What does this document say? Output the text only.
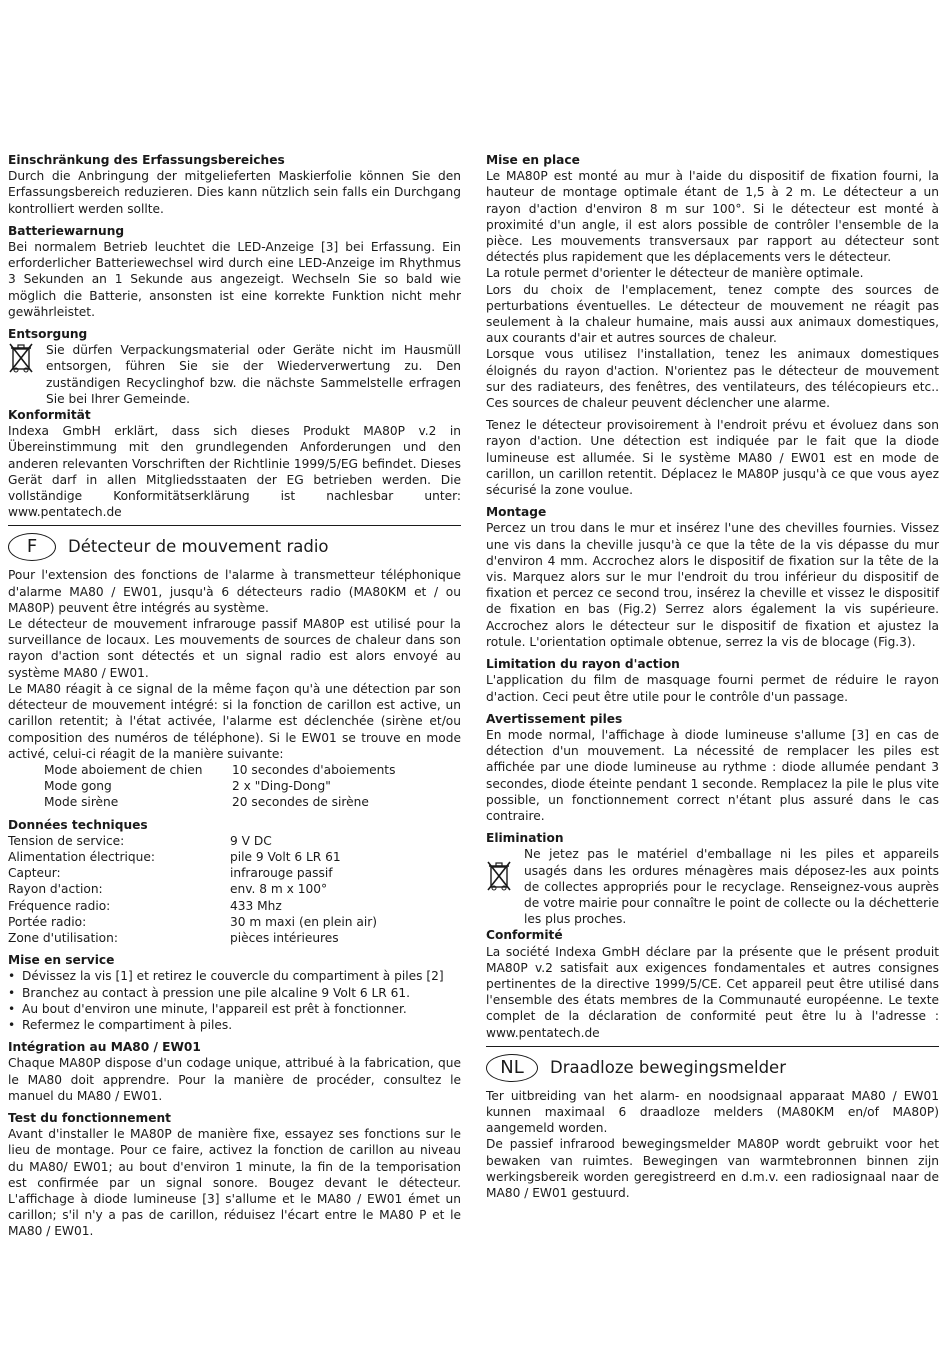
Einschränkung des Erfassungsbereiches

Durch die Anbringung der mitgelieferten Maskierfolie können Sie den Erfassungsbereich reduzieren. Dies kann nützlich sein falls ein Durchgang kontrolliert werden sollte.

Batteriewarnung

Bei normalem Betrieb leuchtet die LED-Anzeige [3] bei Erfassung. Ein erforderlicher Batteriewechsel wird durch eine LED-Anzeige im Rhythmus 3 Sekunden an 1 Sekunde aus angezeigt. Wechseln Sie so bald wie möglich die Batterie, ansonsten ist eine korrekte Funktion nicht mehr gewährleistet.

Entsorgung

Sie dürfen Verpackungsmaterial oder Geräte nicht im Hausmüll entsorgen, führen Sie sie der Wiederverwertung zu. Den zuständigen Recyclinghof bzw. die nächste Sammelstelle erfragen Sie bei Ihrer Gemeinde.

Konformität

Indexa GmbH erklärt, dass sich dieses Produkt MA80P v.2 in Übereinstimmung mit den grundlegenden Anforderungen und den anderen relevanten Vorschriften der Richtlinie 1999/5/EG befindet. Dieses Gerät darf in allen Mitgliedsstaaten der EG betrieben werden. Die vollständige Konformitätserklärung ist nachlesbar unter: www.pentatech.de

F	Détecteur de mouvement radio

Pour l'extension des fonctions de l'alarme à transmetteur téléphonique d'alarme MA80 / EW01, jusqu'à 6 détecteurs radio (MA80KM et / ou MA80P) peuvent être intégrés au système.

Le détecteur de mouvement infrarouge passif MA80P est utilisé pour la surveillance de locaux. Les mouvements de sources de chaleur dans son rayon d'action sont détectés et un signal radio est alors envoyé au système MA80 / EW01.

Le MA80 réagit à ce signal de la même façon qu'à une détection par son détecteur de mouvement intégré: si la fonction de carillon est active, un carillon retentit; à l'état activée, l'alarme est déclenchée (sirène et/ou composition des numéros de téléphone). Si le EW01 se trouve en mode activé, celui-ci réagit de la manière suivante:

Mode aboiement de chien	10 secondes d'aboiements
Mode gong	2 x "Ding-Dong"
Mode sirène	20 secondes de sirène
Données techniques
Tension de service:	9 V DC
Alimentation électrique:	pile 9 Volt 6 LR 61
Capteur:	infrarouge passif
Rayon d'action:	env. 8 m x 100°
Fréquence radio:	433 Mhz
Portée radio:	30 m maxi (en plein air)
Zone d'utilisation:	pièces intérieures
Mise en service
• Dévissez la vis [1] et retirez le couvercle du compartiment à piles [2]
• Branchez au contact à pression une pile alcaline 9 Volt 6 LR 61.
• Au bout d'environ une minute, l'appareil est prêt à fonctionner.
• Refermez le compartiment à piles.
Intégration au MA80 / EW01

Chaque MA80P dispose d'un codage unique, attribué à la fabrication, que le MA80 doit apprendre. Pour la manière de procéder, consultez le manuel du MA80 / EW01.

Test du fonctionnement

Avant d'installer le MA80P de manière fixe, essayez ses fonctions sur le lieu de montage. Pour ce faire, activez la fonction de carillon au niveau du MA80/ EW01; au bout d'environ 1 minute, la fin de la temporisation est confirmée par un signal sonore. Bougez devant le détecteur. L'affichage à diode lumineuse [3] s'allume et le MA80 / EW01 émet un carillon; s'il n'y a pas de carillon, réduisez l'écart entre le MA80 P et le MA80 / EW01.

Mise en place

Le MA80P est monté au mur à l'aide du dispositif de fixation fourni, la hauteur de montage optimale étant de 1,5 à 2 m. Le détecteur a un rayon d'action d'environ 8 m sur 100°. Si le détecteur est monté à proximité d'un angle, il est alors possible de contrôler l'ensemble de la pièce. Les mouvements transversaux par rapport au détecteur sont détectés plus rapidement que les déplacements vers le détecteur.

La rotule permet d'orienter le détecteur de manière optimale.

Lors du choix de l'emplacement, tenez compte des sources de perturbations éventuelles. Le détecteur de mouvement ne réagit pas seulement à la chaleur humaine, mais aussi aux animaux domestiques, aux courants d'air et autres sources de chaleur.

Lorsque vous utilisez l'installation, tenez les animaux domestiques éloignés du rayon d'action. N'orientez pas le détecteur de mouvement sur des radiateurs, des fenêtres, des ventilateurs, des télécopieurs etc.. Ces sources de chaleur peuvent déclencher une alarme.

Tenez le détecteur provisoirement à l'endroit prévu et évoluez dans son rayon d'action. Une détection est indiquée par le fait que la diode lumineuse est allumée. Si le système MA80 / EW01 est en mode de carillon, un carillon retentit. Déplacez le MA80P jusqu'à ce que vous ayez sécurisé la zone voulue.

Montage

Percez un trou dans le mur et insérez l'une des chevilles fournies. Vissez une vis dans la cheville jusqu'à ce que la tête de la vis dépasse du mur d'environ 4 mm. Accrochez alors le dispositif de fixation sur la tête de la vis. Marquez alors sur le mur l'endroit du trou inférieur du dispositif de fixation et percez ce second trou, insérez la cheville et vissez le dispositif de fixation en bas (Fig.2) Serrez alors également la vis supérieure. Accrochez alors le détecteur sur le dispositif de fixation et ajustez la rotule. L'orientation optimale obtenue, serrez la vis de blocage (Fig.3).

Limitation du rayon d'action

L'application du film de masquage fourni permet de réduire le rayon d'action. Ceci peut être utile pour le contrôle d'un passage.

Avertissement piles

En mode normal, l'affichage à diode lumineuse s'allume [3] en cas de détection d'un mouvement. La nécessité de remplacer les piles est affichée par une diode lumineuse au rythme : diode allumée pendant 3 secondes, diode éteinte pendant 1 seconde. Remplacez la pile le plus vite possible, un fonctionnement correct n'étant plus assuré dans le cas contraire.

Elimination

Ne jetez pas le matériel d'emballage ni les piles et appareils usagés dans les ordures ménagères mais déposez-les aux points de collectes appropriés pour le recyclage. Renseignez-vous auprès de votre mairie pour connaître le point de collecte ou la déchetterie les plus proches.

Conformité

La société Indexa GmbH déclare par la présente que le présent produit MA80P v.2 satisfait aux exigences fondamentales et autres consignes pertinentes de la directive 1999/5/CE. Cet appareil peut être utilisé dans l'ensemble des états membres de la Communauté européenne. Le texte complet de la déclaration de conformité peut être lu à l'adresse : www.pentatech.de

NL	Draadloze bewegingsmelder

Ter uitbreiding van het alarm- en noodsignaal apparaat MA80 / EW01 kunnen maximaal 6 draadloze melders (MA80KM en/of MA80P) aangemeld worden.

De passief infrarood bewegingsmelder MA80P wordt gebruikt voor het bewaken van ruimtes. Bewegingen van warmtebronnen binnen zijn werkingsbereik worden geregistreerd en d.m.v. een radiosignaal naar de MA80 / EW01 gestuurd.
